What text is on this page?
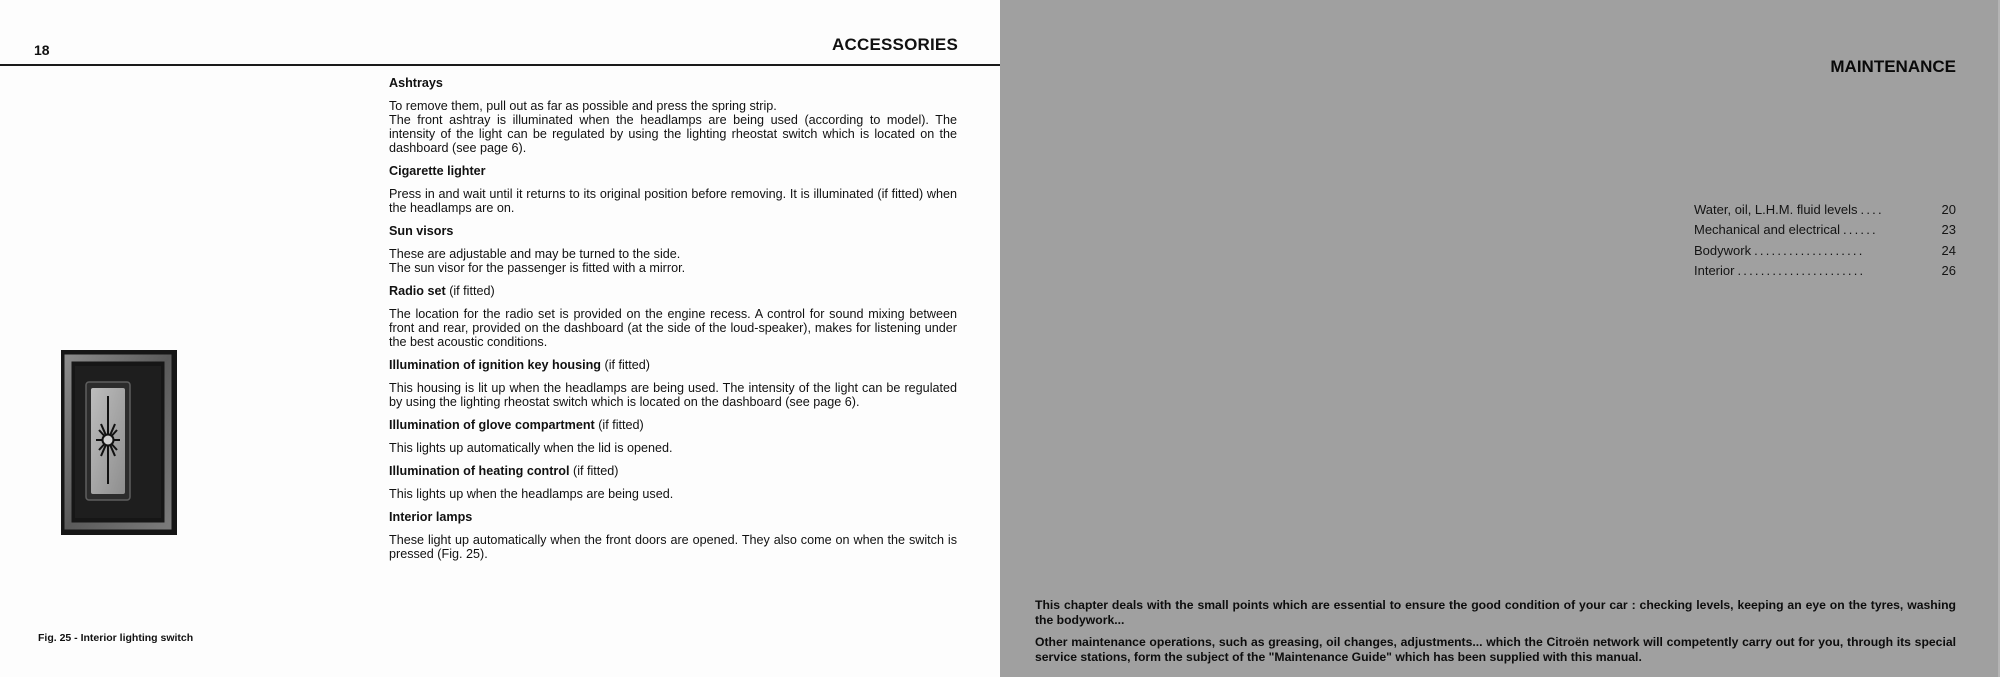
18	ACCESSORIES
Fig. 25 - Interior lighting switch
Ashtrays

To remove them, pull out as far as possible and press the spring strip.

The front ashtray is illuminated when the headlamps are being used (according to model). The intensity of the light can be regulated by using the lighting rheostat switch which is located on the dashboard (see page 6).

Cigarette lighter

Press in and wait until it returns to its original position before removing. It is illuminated (if fitted) when the headlamps are on.

Sun visors

These are adjustable and may be turned to the side.

The sun visor for the passenger is fitted with a mirror.

Radio set (if fitted)

The location for the radio set is provided on the engine recess. A control for sound mixing between front and rear, provided on the dashboard (at the side of the loud-speaker), makes for listening under the best acoustic conditions.

Illumination of ignition key housing (if fitted)

This housing is lit up when the headlamps are being used. The intensity of the light can be regulated by using the lighting rheostat switch which is located on the dashboard (see page 6).

Illumination of glove compartment (if fitted)

This lights up automatically when the lid is opened.

Illumination of heating control (if fitted)

This lights up when the headlamps are being used.

Interior lamps

These light up automatically when the front doors are opened. They also come on when the switch is pressed (Fig. 25).

MAINTENANCE
Water, oil, L.H.M. fluid levels ....	20
Mechanical and electrical ......	23
Bodywork ...................	24
Interior ......................	26

This chapter deals with the small points which are essential to ensure the good condition of your car : checking levels, keeping an eye on the tyres, washing the bodywork...

Other maintenance operations, such as greasing, oil changes, adjustments... which the Citroën network will competently carry out for you, through its special service stations, form the subject of the "Maintenance Guide" which has been supplied with this manual.
